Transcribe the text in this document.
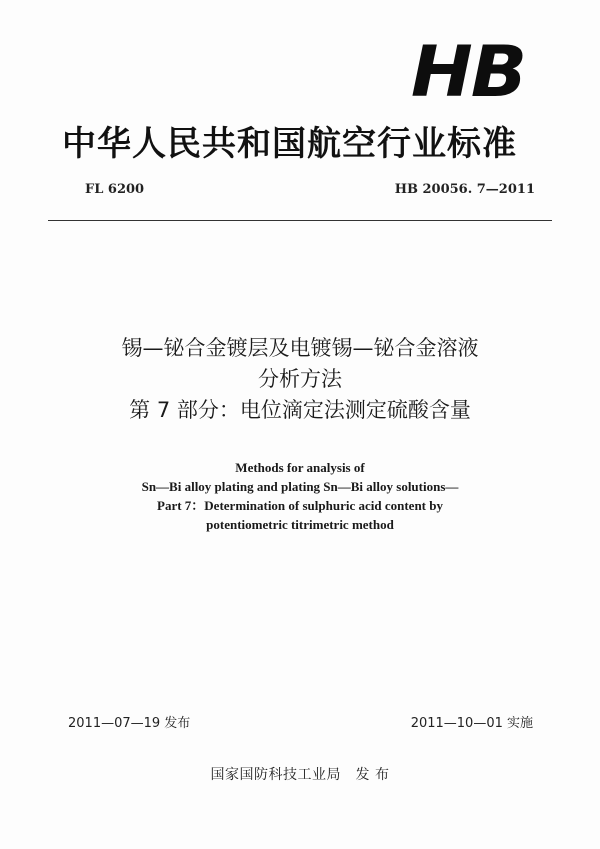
HB
中华人民共和国航空行业标准
FL 6200	HB 20056. 7—2011
锡—铋合金镀层及电镀锡—铋合金溶液
分析方法
第 7 部分：电位滴定法测定硫酸含量
Methods for analysis of
Sn—Bi alloy plating and plating Sn—Bi alloy solutions—
Part 7：Determination of sulphuric acid content by
potentiometric titrimetric method
2011—07—19 发布	2011—10—01 实施
国家国防科技工业局　发 布
